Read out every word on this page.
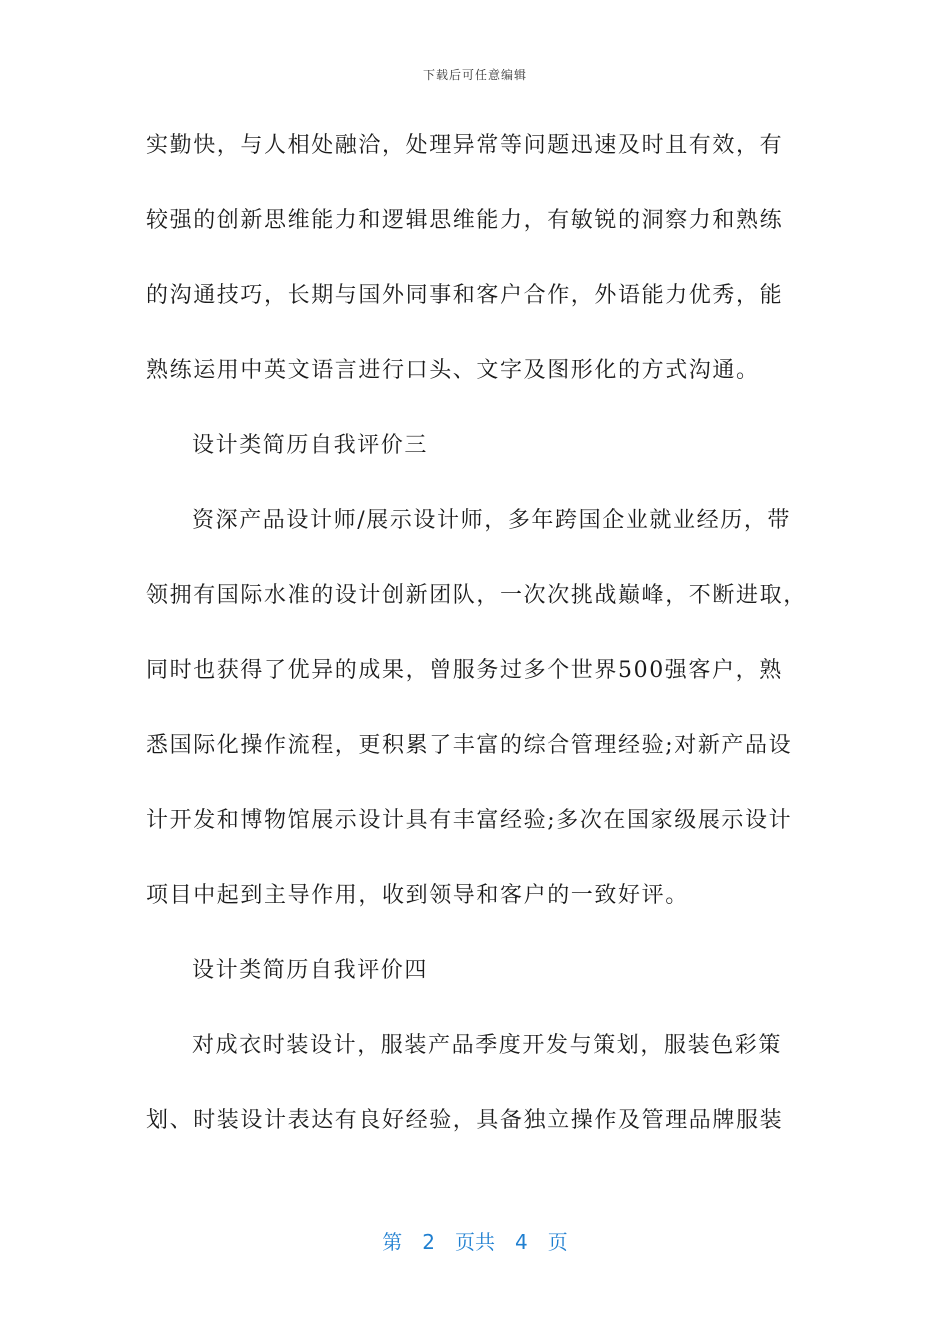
下载后可任意编辑
实勤快，与人相处融洽，处理异常等问题迅速及时且有效，有
较强的创新思维能力和逻辑思维能力，有敏锐的洞察力和熟练
的沟通技巧，长期与国外同事和客户合作，外语能力优秀，能
熟练运用中英文语言进行口头、文字及图形化的方式沟通。
设计类简历自我评价三
资深产品设计师/展示设计师，多年跨国企业就业经历，带
领拥有国际水准的设计创新团队，一次次挑战巅峰，不断进取，
同时也获得了优异的成果，曾服务过多个世界500强客户，熟
悉国际化操作流程，更积累了丰富的综合管理经验;对新产品设
计开发和博物馆展示设计具有丰富经验;多次在国家级展示设计
项目中起到主导作用，收到领导和客户的一致好评。
设计类简历自我评价四
对成衣时装设计，服装产品季度开发与策划，服装色彩策
划、时装设计表达有良好经验，具备独立操作及管理品牌服装
第 2 页共 4 页
